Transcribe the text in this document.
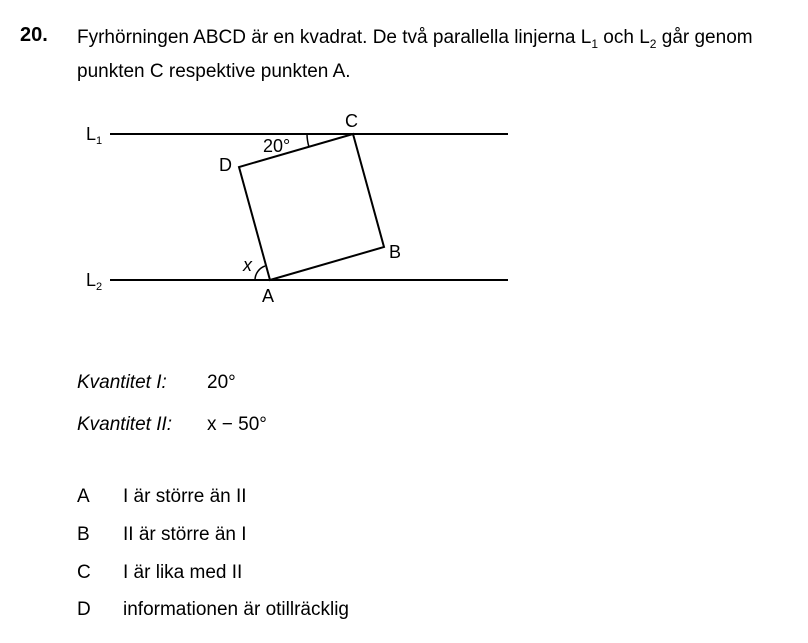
20. Fyrhörningen ABCD är en kvadrat. De två parallella linjerna $L_1$ och $L_2$ går genom
punkten C respektive punkten A.
$L_1$
$L_2$
C
D
B
A
20°
x
Kvantitet I: 20°
Kvantitet II: x − 50°
A	I är större än II
B	II är större än I
C	I är lika med II
D	informationen är otillräcklig
